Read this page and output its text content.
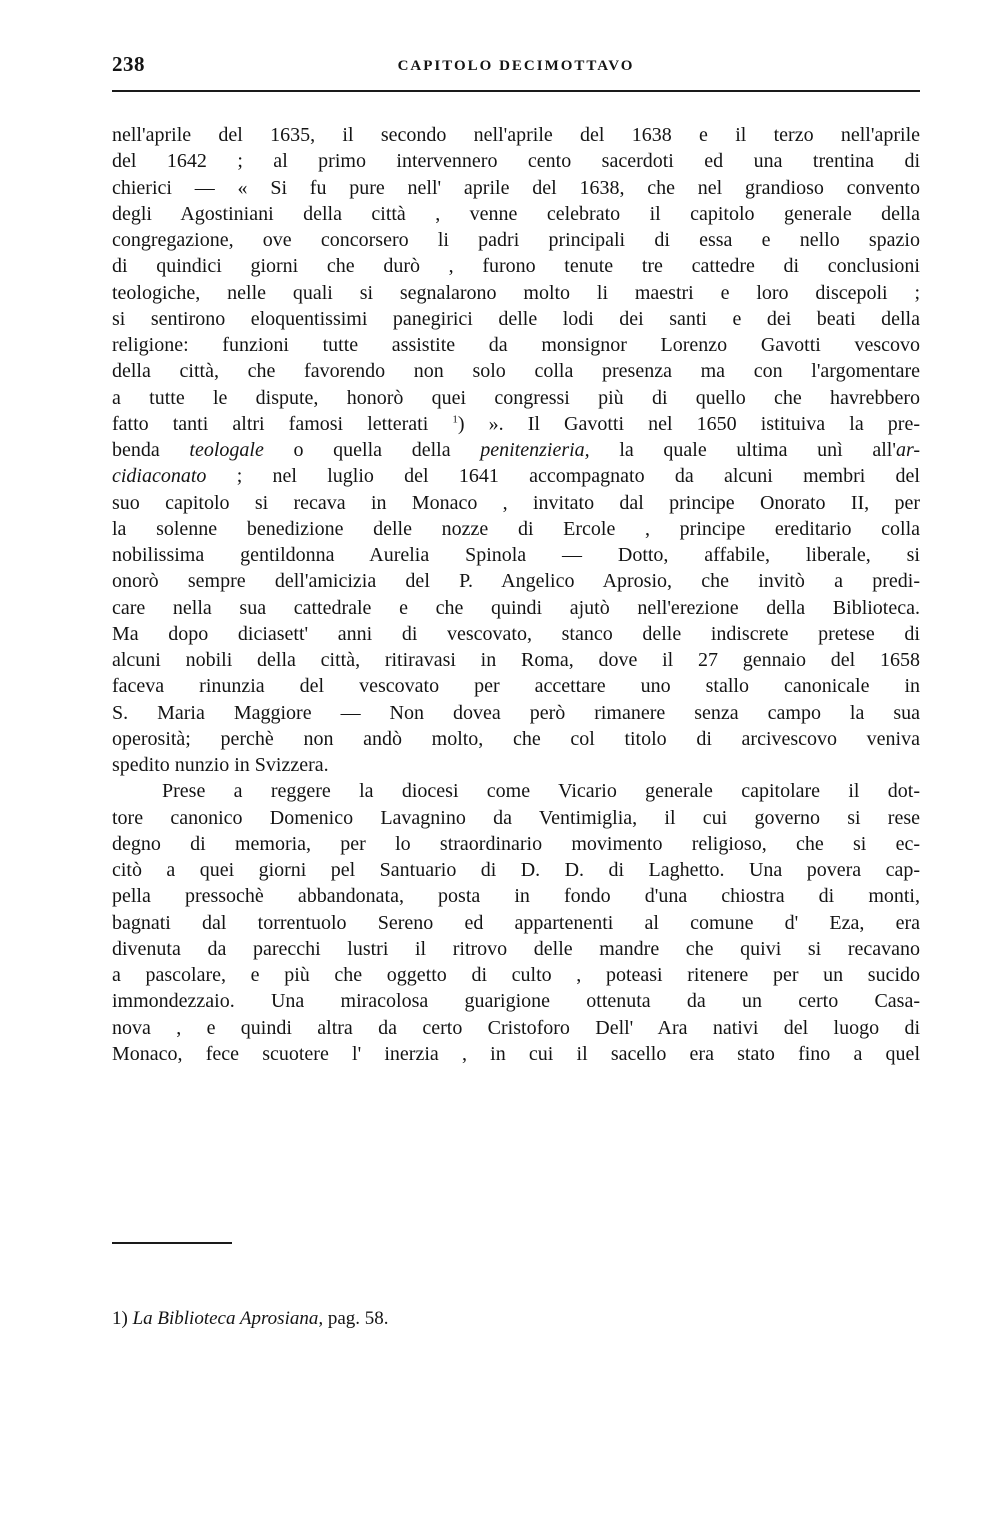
238	CAPITOLO DECIMOTTAVO
nell'aprile del 1635, il secondo nell'aprile del 1638 e il terzo nell'aprile
del 1642 ; al primo intervennero cento sacerdoti ed una trentina di
chierici — « Si fu pure nell' aprile del 1638, che nel grandioso convento
degli Agostiniani della città , venne celebrato il capitolo generale della
congregazione, ove concorsero li padri principali di essa e nello spazio
di quindici giorni che durò , furono tenute tre cattedre di conclusioni
teologiche, nelle quali si segnalarono molto li maestri e loro discepoli ;
si sentirono eloquentissimi panegirici delle lodi dei santi e dei beati della
religione: funzioni tutte assistite da monsignor Lorenzo Gavotti vescovo
della città, che favorendo non solo colla presenza ma con l'argomentare
a tutte le dispute, honorò quei congressi più di quello che havrebbero
fatto tanti altri famosi letterati $^1$) ». Il Gavotti nel 1650 istituiva la pre-
benda teologale o quella della penitenzieria, la quale ultima unì all'ar-
cidiaconato ; nel luglio del 1641 accompagnato da alcuni membri del
suo capitolo si recava in Monaco , invitato dal principe Onorato II, per
la solenne benedizione delle nozze di Ercole , principe ereditario colla
nobilissima gentildonna Aurelia Spinola — Dotto, affabile, liberale, si
onorò sempre dell'amicizia del P. Angelico Aprosio, che invitò a predi-
care nella sua cattedrale e che quindi ajutò nell'erezione della Biblioteca.
Ma dopo diciasett' anni di vescovato, stanco delle indiscrete pretese di
alcuni nobili della città, ritiravasi in Roma, dove il 27 gennaio del 1658
faceva rinunzia del vescovato per accettare uno stallo canonicale in
S. Maria Maggiore — Non dovea però rimanere senza campo la sua
operosità; perchè non andò molto, che col titolo di arcivescovo veniva
spedito nunzio in Svizzera.
Prese a reggere la diocesi come Vicario generale capitolare il dot-
tore canonico Domenico Lavagnino da Ventimiglia, il cui governo si rese
degno di memoria, per lo straordinario movimento religioso, che si ec-
citò a quei giorni pel Santuario di D. D. di Laghetto. Una povera cap-
pella pressochè abbandonata, posta in fondo d'una chiostra di monti,
bagnati dal torrentuolo Sereno ed appartenenti al comune d' Eza, era
divenuta da parecchi lustri il ritrovo delle mandre che quivi si recavano
a pascolare, e più che oggetto di culto , poteasi ritenere per un sucido
immondezzaio. Una miracolosa guarigione ottenuta da un certo Casa-
nova , e quindi altra da certo Cristoforo Dell' Ara nativi del luogo di
Monaco, fece scuotere l' inerzia , in cui il sacello era stato fino a quel
1) La Biblioteca Aprosiana, pag. 58.
